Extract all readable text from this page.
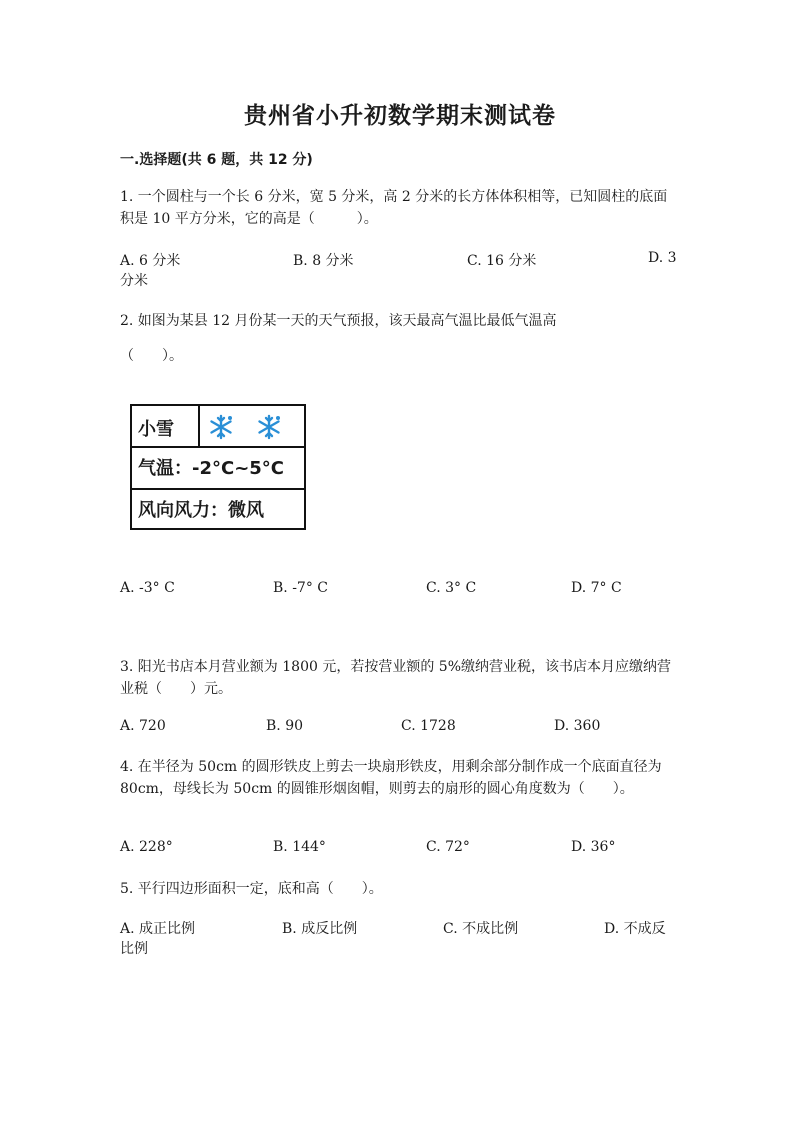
贵州省小升初数学期末测试卷
一.选择题(共 6 题，共 12 分)
1. 一个圆柱与一个长 6 分米，宽 5 分米，高 2 分米的长方体体积相等，已知圆柱的底面积是 10 平方分米，它的高是（　　　）。
A. 6 分米	B. 8 分米	C. 16 分米	D. 3
分米
2. 如图为某县 12 月份某一天的天气预报，该天最高气温比最低气温高
（　　）。
小雪
气温：-2°C~5°C
风向风力：微风
A. -3° C	B. -7° C	C. 3° C	D. 7° C
3. 阳光书店本月营业额为 1800 元，若按营业额的 5%缴纳营业税，该书店本月应缴纳营业税（　　）元。
A. 720	B. 90	C. 1728	D. 360
4. 在半径为 50cm 的圆形铁皮上剪去一块扇形铁皮，用剩余部分制作成一个底面直径为 80cm，母线长为 50cm 的圆锥形烟囱帽，则剪去的扇形的圆心角度数为（　　）。
A. 228°	B. 144°	C. 72°	D. 36°
5. 平行四边形面积一定，底和高（　　）。
A. 成正比例	B. 成反比例	C. 不成比例	D. 不成反
比例
